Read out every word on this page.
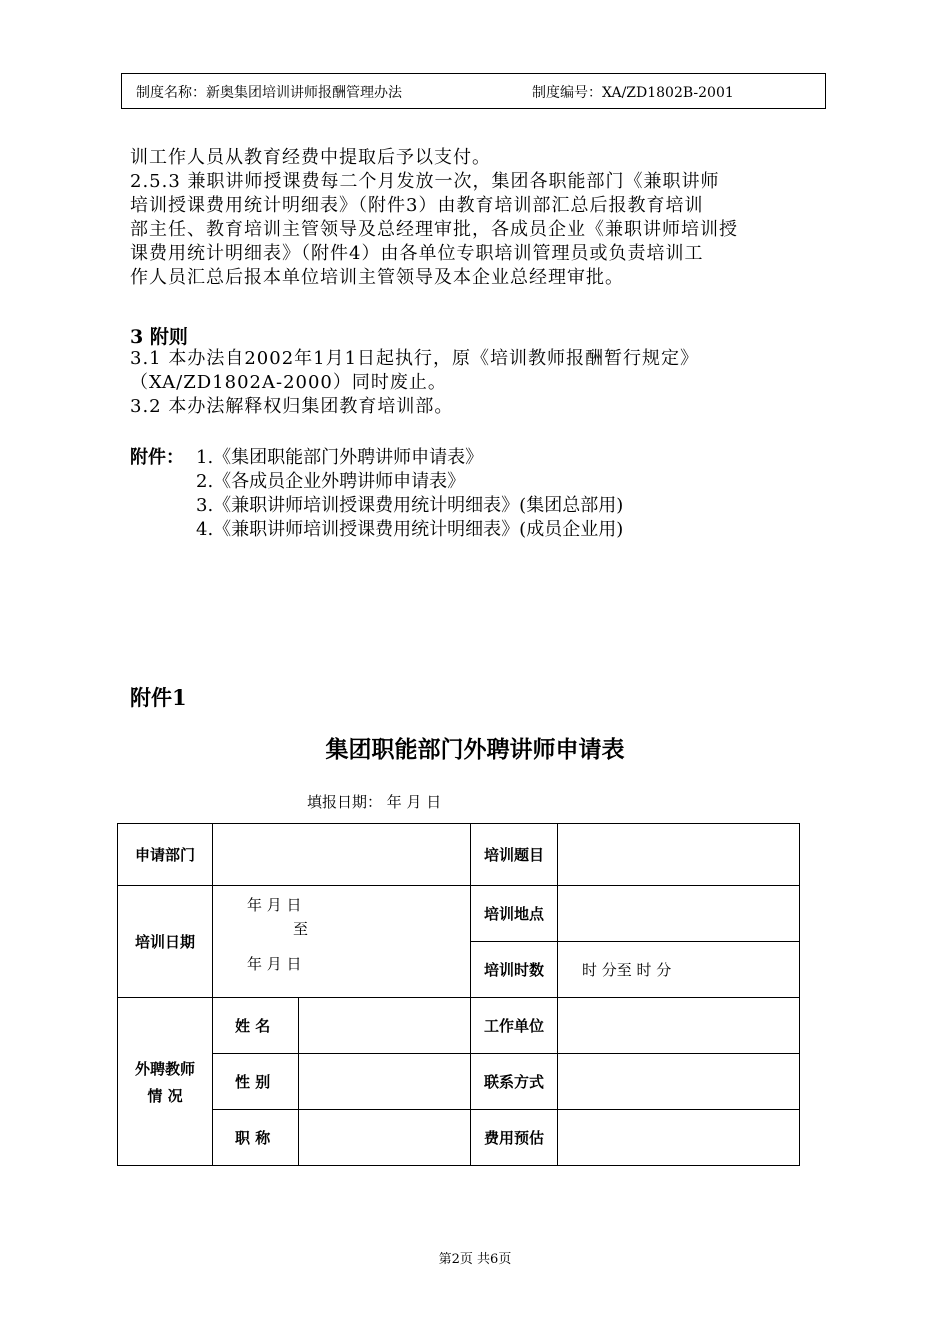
制度名称：新奥集团培训讲师报酬管理办法	制度编号：XA/ZD1802B-2001

训工作人员从教育经费中提取后予以支付。

2.5.3 兼职讲师授课费每二个月发放一次，集团各职能部门《兼职讲师

培训授课费用统计明细表》（附件3）由教育培训部汇总后报教育培训

部主任、教育培训主管领导及总经理审批，各成员企业《兼职讲师培训授

课费用统计明细表》（附件4）由各单位专职培训管理员或负责培训工

作人员汇总后报本单位培训主管领导及本企业总经理审批。

3 附则

3.1 本办法自2002年1月1日起执行，原《培训教师报酬暂行规定》

（XA/ZD1802A-2000）同时废止。

3.2 本办法解释权归集团教育培训部。

附件： 1.《集团职能部门外聘讲师申请表》
2.《各成员企业外聘讲师申请表》
3.《兼职讲师培训授课费用统计明细表》(集团总部用)
4.《兼职讲师培训授课费用统计明细表》(成员企业用)
附件1
集团职能部门外聘讲师申请表
填报日期： 年 月 日
申请部门			培训题目	
培训日期	年 月 日
至
年 月 日		培训地点	
			培训时数	时 分至 时 分

外聘教师
情 况	姓 名		工作单位	
	性 别		联系方式	
	职 称		费用预估	
第2页 共6页
